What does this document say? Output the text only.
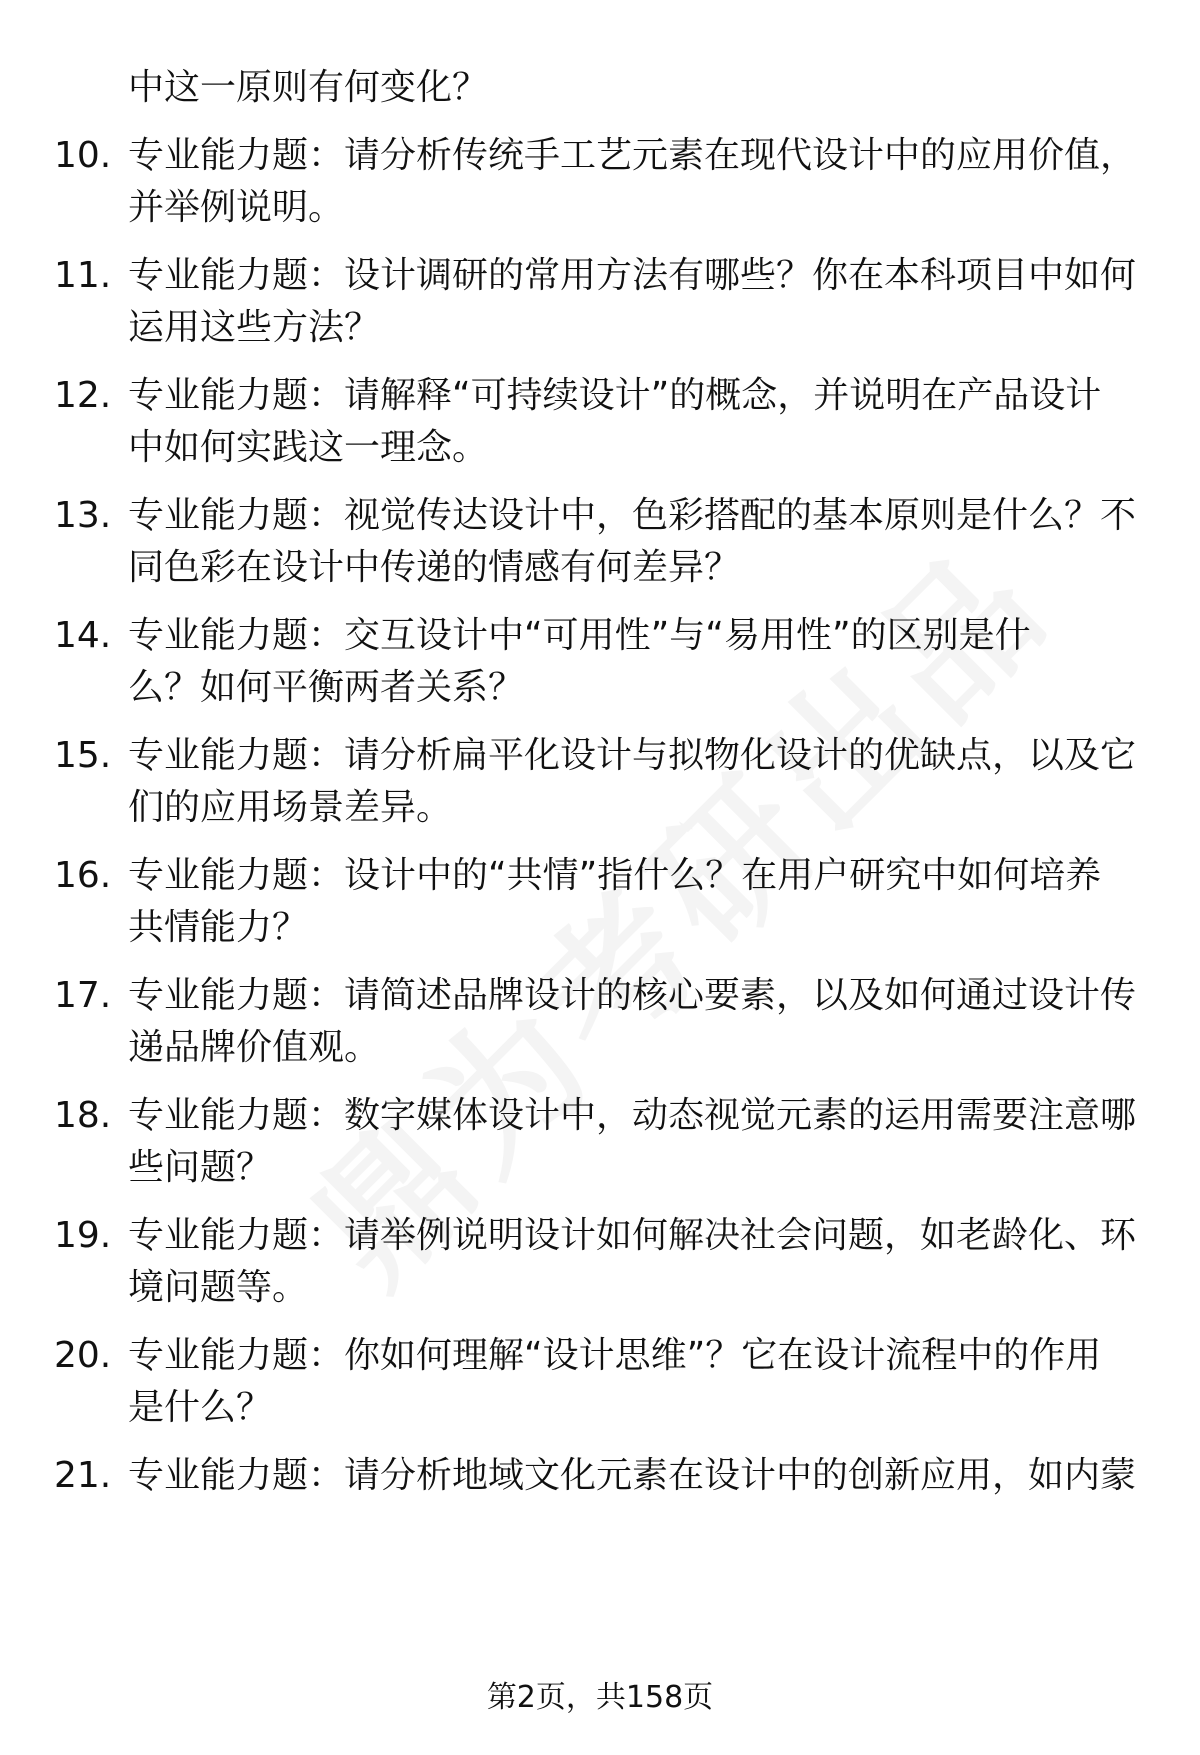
中这一原则有何变化？

10. 专业能力题：请分析传统手工艺元素在现代设计中的应用价值，
并举例说明。
11. 专业能力题：设计调研的常用方法有哪些？你在本科项目中如何
运用这些方法？
12. 专业能力题：请解释“可持续设计”的概念，并说明在产品设计
中如何实践这一理念。
13. 专业能力题：视觉传达设计中，色彩搭配的基本原则是什么？不
同色彩在设计中传递的情感有何差异？
14. 专业能力题：交互设计中“可用性”与“易用性”的区别是什
么？如何平衡两者关系？
15. 专业能力题：请分析扁平化设计与拟物化设计的优缺点，以及它
们的应用场景差异。
16. 专业能力题：设计中的“共情”指什么？在用户研究中如何培养
共情能力？
17. 专业能力题：请简述品牌设计的核心要素，以及如何通过设计传
递品牌价值观。
18. 专业能力题：数字媒体设计中，动态视觉元素的运用需要注意哪
些问题？
19. 专业能力题：请举例说明设计如何解决社会问题，如老龄化、环
境问题等。
20. 专业能力题：你如何理解“设计思维”？它在设计流程中的作用
是什么？
21. 专业能力题：请分析地域文化元素在设计中的创新应用，如内蒙
第2页，共158页
